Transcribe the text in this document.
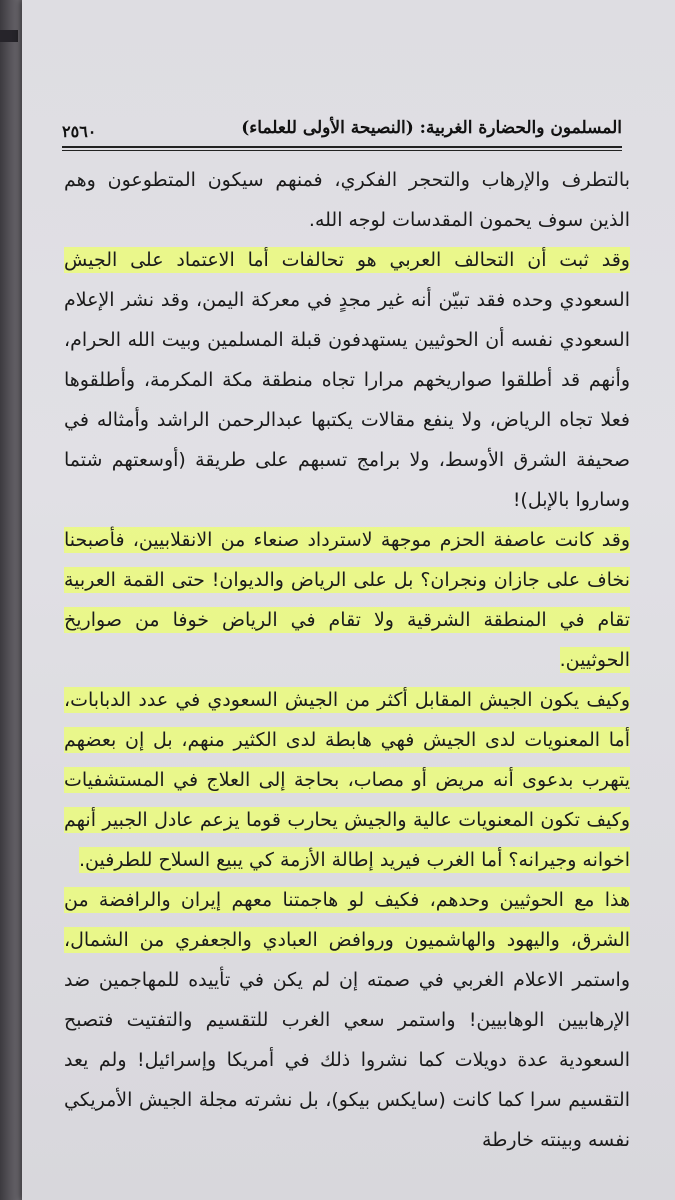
المسلمون والحضارة الغربية: (النصيحة الأولى للعلماء)
٢٥٦٠

بالتطرف والإرهاب والتحجر الفكري، فمنهم سيكون المتطوعون وهم الذين سوف يحمون المقدسات لوجه الله.

وقد ثبت أن التحالف العربي هو تحالفات أما الاعتماد على الجيش السعودي وحده فقد تبيّن أنه غير مجدٍ في معركة اليمن، وقد نشر الإعلام السعودي نفسه أن الحوثيين يستهدفون قبلة المسلمين وبيت الله الحرام، وأنهم قد أطلقوا صواريخهم مرارا تجاه منطقة مكة المكرمة، وأطلقوها فعلا تجاه الرياض، ولا ينفع مقالات يكتبها عبدالرحمن الراشد وأمثاله في صحيفة الشرق الأوسط، ولا برامج تسبهم على طريقة (أوسعتهم شتما وساروا بالإبل)!

وقد كانت عاصفة الحزم موجهة لاسترداد صنعاء من الانقلابيين، فأصبحنا نخاف على جازان ونجران؟ بل على الرياض والديوان! حتى القمة العربية تقام في المنطقة الشرقية ولا تقام في الرياض خوفا من صواريخ الحوثيين.

وكيف يكون الجيش المقابل أكثر من الجيش السعودي في عدد الدبابات، أما المعنويات لدى الجيش فهي هابطة لدى الكثير منهم، بل إن بعضهم يتهرب بدعوى أنه مريض أو مصاب، بحاجة إلى العلاج في المستشفيات وكيف تكون المعنويات عالية والجيش يحارب قوما يزعم عادل الجبير أنهم اخوانه وجيرانه؟ أما الغرب فيريد إطالة الأزمة كي يبيع السلاح للطرفين.

هذا مع الحوثيين وحدهم، فكيف لو هاجمتنا معهم إيران والرافضة من الشرق، واليهود والهاشميون وروافض العبادي والجعفري من الشمال، واستمر الاعلام الغربي في صمته إن لم يكن في تأييده للمهاجمين ضد الإرهابيين الوهابيين! واستمر سعي الغرب للتقسيم والتفتيت فتصبح السعودية عدة دويلات كما نشروا ذلك في أمريكا وإسرائيل! ولم يعد التقسيم سرا كما كانت (سايكس بيكو)، بل نشرته مجلة الجيش الأمريكي نفسه وبينته خارطة
